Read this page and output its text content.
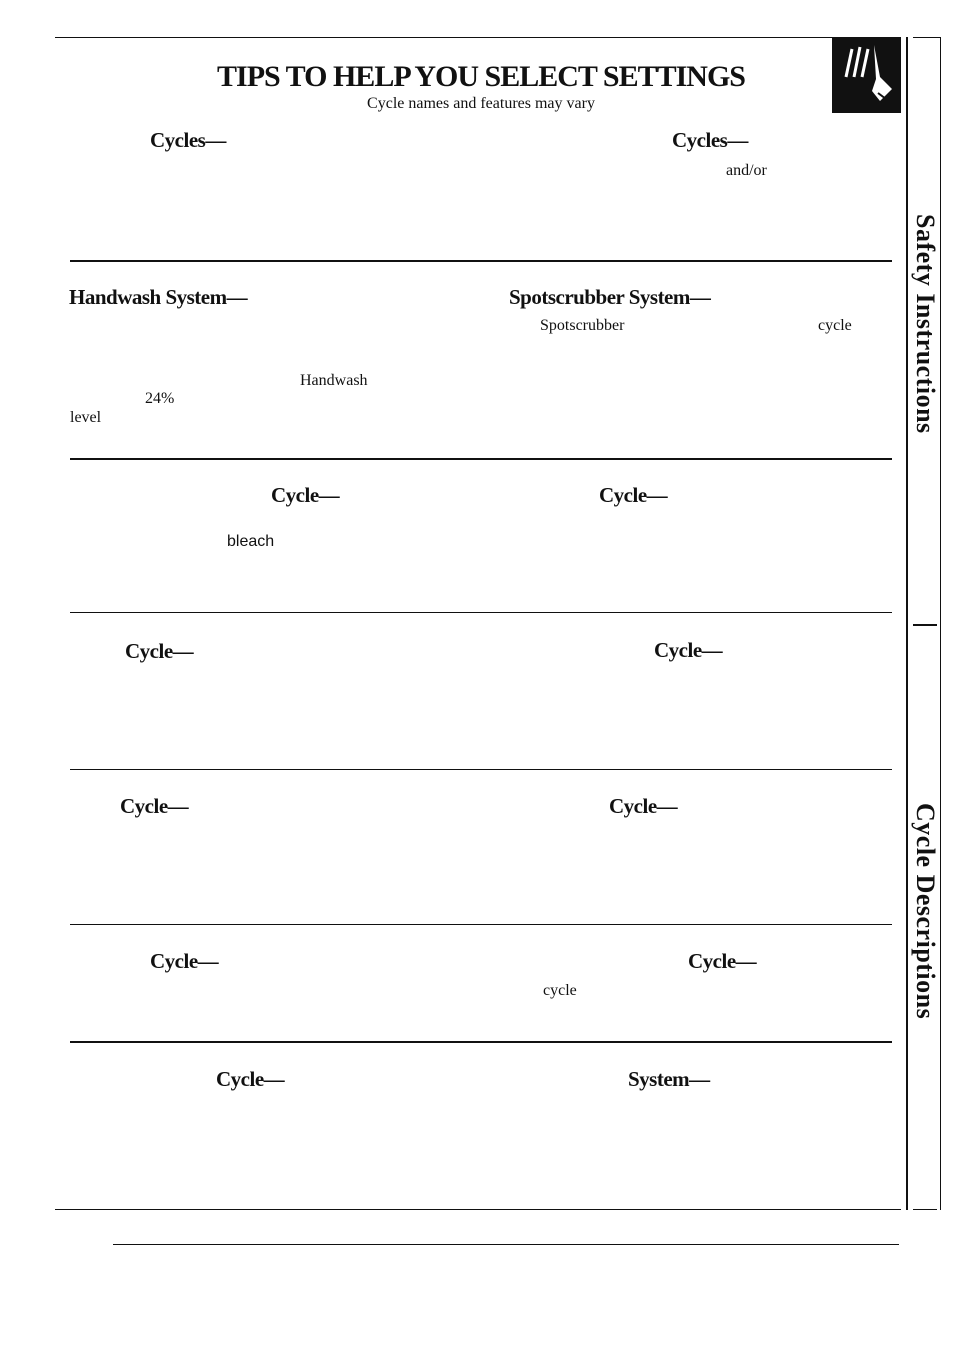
TIPS TO HELP YOU SELECT SETTINGS
Cycle names and features may vary
Safety Instructions
Cycle Descriptions
Cycles—	Cycles—
and/or
Handwash System—	Spotscrubber System—
Spotscrubber	cycle
Handwash
24%
level
Cycle—	Cycle—
bleach
Cycle—	Cycle—
Cycle—	Cycle—
Cycle—	Cycle—
cycle
Cycle—	System—
